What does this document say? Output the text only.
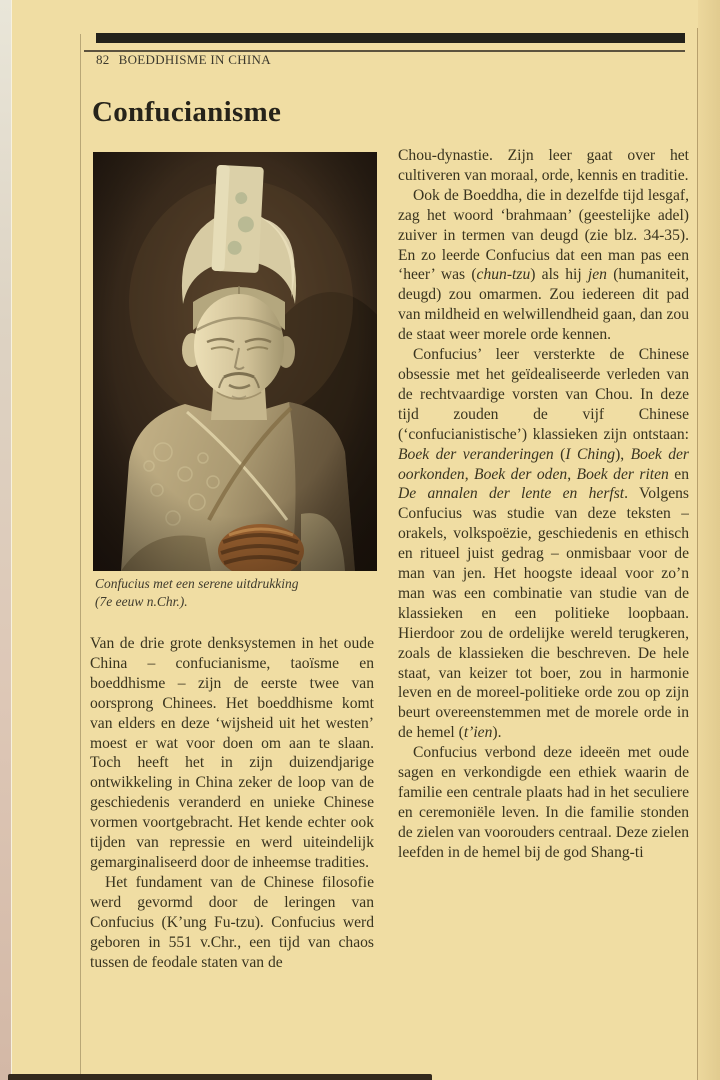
82 BOEDDHISME IN CHINA
Confucianisme
Confucius met een serene uitdrukking
(7e eeuw n.Chr.).

Van de drie grote denksystemen in het oude China – confucianisme, taoïsme en boeddhisme – zijn de eerste twee van oorsprong Chinees. Het boeddhisme komt van elders en deze ‘wijsheid uit het westen’ moest er wat voor doen om aan te slaan. Toch heeft het in zijn duizendjarige ontwikkeling in China zeker de loop van de geschiedenis veranderd en unieke Chinese vormen voortgebracht. Het kende echter ook tijden van repressie en werd uiteindelijk gemarginaliseerd door de inheemse tradities.

Het fundament van de Chinese filosofie werd gevormd door de leringen van Confucius (K’ung Fu-tzu). Confucius werd geboren in 551 v.Chr., een tijd van chaos tussen de feodale staten van de

Chou-dynastie. Zijn leer gaat over het cultiveren van moraal, orde, kennis en traditie.

Ook de Boeddha, die in dezelfde tijd lesgaf, zag het woord ‘brahmaan’ (geestelijke adel) zuiver in termen van deugd (zie blz. 34-35). En zo leerde Confucius dat een man pas een ‘heer’ was (chun-tzu) als hij jen (humaniteit, deugd) zou omarmen. Zou iedereen dit pad van mildheid en welwillendheid gaan, dan zou de staat weer morele orde kennen.

Confucius’ leer versterkte de Chinese obsessie met het geïdealiseerde verleden van de rechtvaardige vorsten van Chou. In deze tijd zouden de vijf Chinese (‘confucianistische’) klassieken zijn ontstaan: Boek der veranderingen (I Ching), Boek der oorkonden, Boek der oden, Boek der riten en De annalen der lente en herfst. Volgens Confucius was studie van deze teksten – orakels, volkspoëzie, geschiedenis en ethisch en ritueel juist gedrag – onmisbaar voor de man van jen. Het hoogste ideaal voor zo’n man was een combinatie van studie van de klassieken en een politieke loopbaan. Hierdoor zou de ordelijke wereld terugkeren, zoals de klassieken die beschreven. De hele staat, van keizer tot boer, zou in harmonie leven en de moreel-politieke orde zou op zijn beurt overeenstemmen met de morele orde in de hemel (t’ien).

Confucius verbond deze ideeën met oude sagen en verkondigde een ethiek waarin de familie een centrale plaats had in het seculiere en ceremoniële leven. In die familie stonden de zielen van voorouders centraal. Deze zielen leefden in de hemel bij de god Shang-ti
